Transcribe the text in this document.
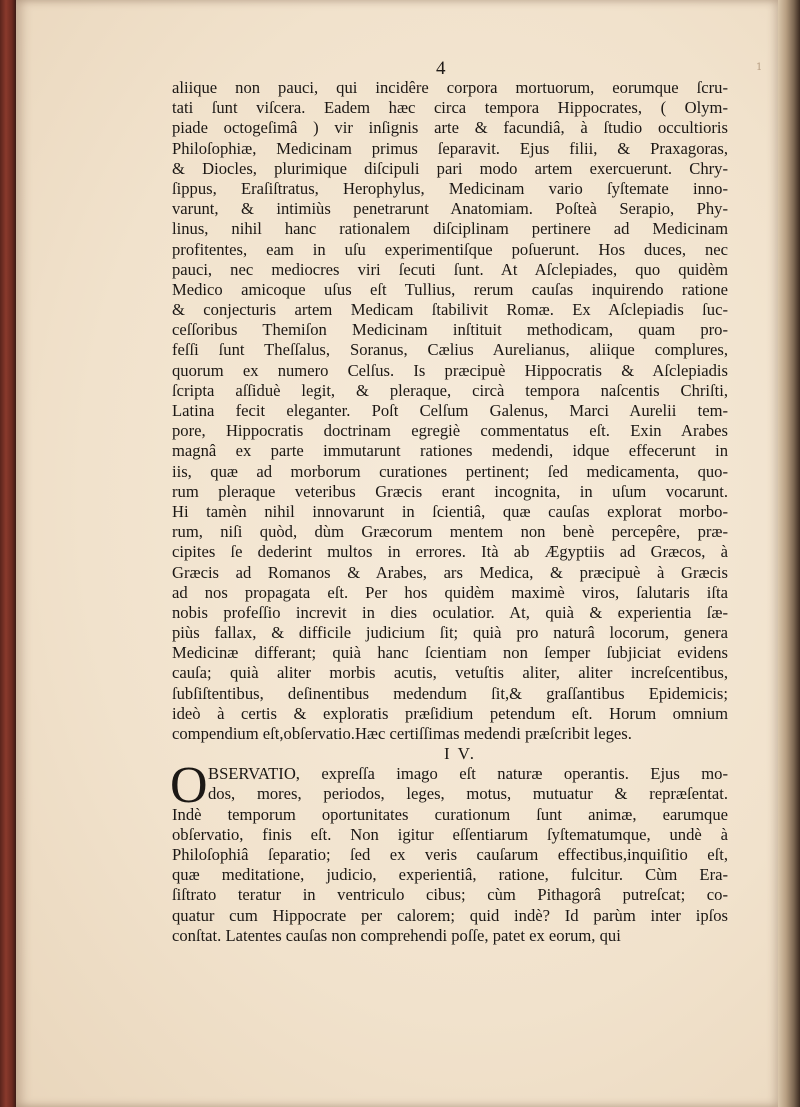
1

4

aliique non pauci, qui incidêre corpora mortuorum, eorumque ſcru-

tati ſunt viſcera. Eadem hæc circa tempora Hippocrates, ( Olym-

piade octogeſimâ ) vir inſignis arte & facundiâ, à ſtudio occultioris

Philoſophiæ, Medicinam primus ſeparavit. Ejus filii, & Praxagoras,

& Diocles, plurimique diſcipuli pari modo artem exercuerunt. Chry-

ſippus, Eraſiſtratus, Herophylus, Medicinam vario ſyſtemate inno-

varunt, & intimiùs penetrarunt Anatomiam. Poſteà Serapio, Phy-

linus, nihil hanc rationalem diſciplinam pertinere ad Medicinam

profitentes, eam in uſu experimentiſque poſuerunt. Hos duces, nec

pauci, nec mediocres viri ſecuti ſunt. At Aſclepiades, quo quidèm

Medico amicoque uſus eſt Tullius, rerum cauſas inquirendo ratione

& conjecturis artem Medicam ſtabilivit Romæ. Ex Aſclepiadis ſuc-

ceſſoribus Themiſon Medicinam inſtituit methodicam, quam pro-

feſſi ſunt Theſſalus, Soranus, Cælius Aurelianus, aliique complures,

quorum ex numero Celſus. Is præcipuè Hippocratis & Aſclepiadis

ſcripta aſſiduè legit, & pleraque, circà tempora naſcentis Chriſti,

Latina fecit eleganter. Poſt Celſum Galenus, Marci Aurelii tem-

pore, Hippocratis doctrinam egregiè commentatus eſt. Exin Arabes

magnâ ex parte immutarunt rationes medendi, idque effecerunt in

iis, quæ ad morborum curationes pertinent; ſed medicamenta, quo-

rum pleraque veteribus Græcis erant incognita, in uſum vocarunt.

Hi tamèn nihil innovarunt in ſcientiâ, quæ cauſas explorat morbo-

rum, niſi quòd, dùm Græcorum mentem non benè percepêre, præ-

cipites ſe dederint multos in errores. Ità ab Ægyptiis ad Græcos, à

Græcis ad Romanos & Arabes, ars Medica, & præcipuè à Græcis

ad nos propagata eſt. Per hos quidèm maximè viros, ſalutaris iſta

nobis profeſſio increvit in dies oculatior. At, quià & experientia ſæ-

piùs fallax, & difficile judicium ſit; quià pro naturâ locorum, genera

Medicinæ differant; quià hanc ſcientiam non ſemper ſubjiciat evidens

cauſa; quià aliter morbis acutis, vetuſtis aliter, aliter increſcentibus,

ſubſiſtentibus, deſinentibus medendum ſit,& graſſantibus Epidemicis;

ideò à certis & exploratis præſidium petendum eſt. Horum omnium

compendium eſt,obſervatio.Hæc certiſſimas medendi præſcribit leges.

I V.

O BSERVATIO, expreſſa imago eſt naturæ operantis. Ejus mo-

dos, mores, periodos, leges, motus, mutuatur & repræſentat.

Indè temporum oportunitates curationum ſunt animæ, earumque

obſervatio, finis eſt. Non igitur eſſentiarum ſyſtematumque, undè à

Philoſophiâ ſeparatio; ſed ex veris cauſarum effectibus,inquiſitio eſt,

quæ meditatione, judicio, experientiâ, ratione, fulcitur. Cùm Era-

ſiſtrato teratur in ventriculo cibus; cùm Pithagorâ putreſcat; co-

quatur cum Hippocrate per calorem; quid indè? Id parùm inter ipſos

conſtat. Latentes cauſas non comprehendi poſſe, patet ex eorum, qui
